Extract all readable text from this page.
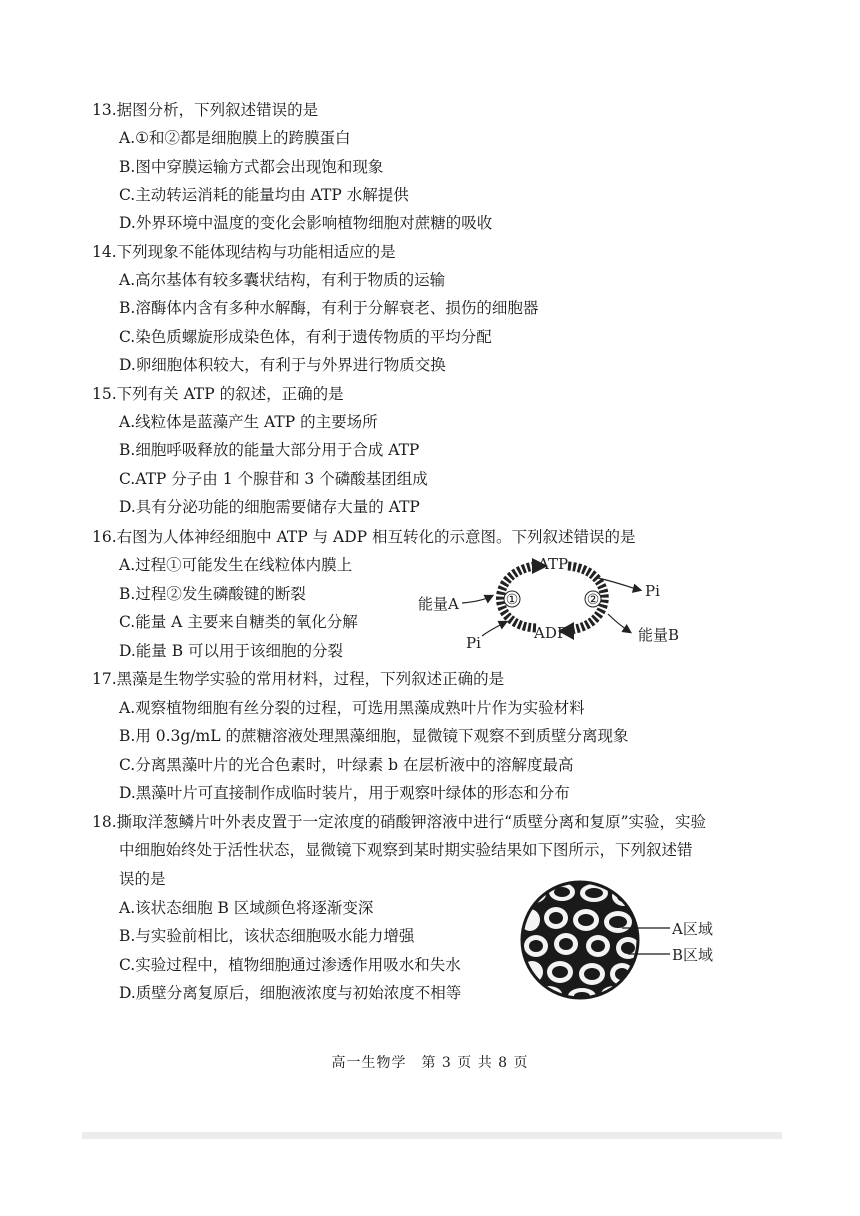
13.据图分析，下列叙述错误的是
A.①和②都是细胞膜上的跨膜蛋白
B.图中穿膜运输方式都会出现饱和现象
C.主动转运消耗的能量均由 ATP 水解提供
D.外界环境中温度的变化会影响植物细胞对蔗糖的吸收
14.下列现象不能体现结构与功能相适应的是
A.高尔基体有较多囊状结构，有利于物质的运输
B.溶酶体内含有多种水解酶，有利于分解衰老、损伤的细胞器
C.染色质螺旋形成染色体，有利于遗传物质的平均分配
D.卵细胞体积较大，有利于与外界进行物质交换
15.下列有关 ATP 的叙述，正确的是
A.线粒体是蓝藻产生 ATP 的主要场所
B.细胞呼吸释放的能量大部分用于合成 ATP
C.ATP 分子由 1 个腺苷和 3 个磷酸基团组成
D.具有分泌功能的细胞需要储存大量的 ATP
16.右图为人体神经细胞中 ATP 与 ADP 相互转化的示意图。下列叙述错误的是
A.过程①可能发生在线粒体内膜上
B.过程②发生磷酸键的断裂
C.能量 A 主要来自糖类的氧化分解
D.能量 B 可以用于该细胞的分裂
①	②
ATP
ADP
能量A
Pi
Pi
能量B
17.黑藻是生物学实验的常用材料，过程，下列叙述正确的是
A.观察植物细胞有丝分裂的过程，可选用黑藻成熟叶片作为实验材料
B.用 0.3g/mL 的蔗糖溶液处理黑藻细胞，显微镜下观察不到质壁分离现象
C.分离黑藻叶片的光合色素时，叶绿素 b 在层析液中的溶解度最高
D.黑藻叶片可直接制作成临时装片，用于观察叶绿体的形态和分布
18.撕取洋葱鳞片叶外表皮置于一定浓度的硝酸钾溶液中进行“质壁分离和复原”实验，实验
中细胞始终处于活性状态，显微镜下观察到某时期实验结果如下图所示，下列叙述错
误的是
A.该状态细胞 B 区域颜色将逐渐变深
B.与实验前相比，该状态细胞吸水能力增强
C.实验过程中，植物细胞通过渗透作用吸水和失水
D.质壁分离复原后，细胞液浓度与初始浓度不相等
A区域
B区域
高一生物学　第 3 页 共 8 页
